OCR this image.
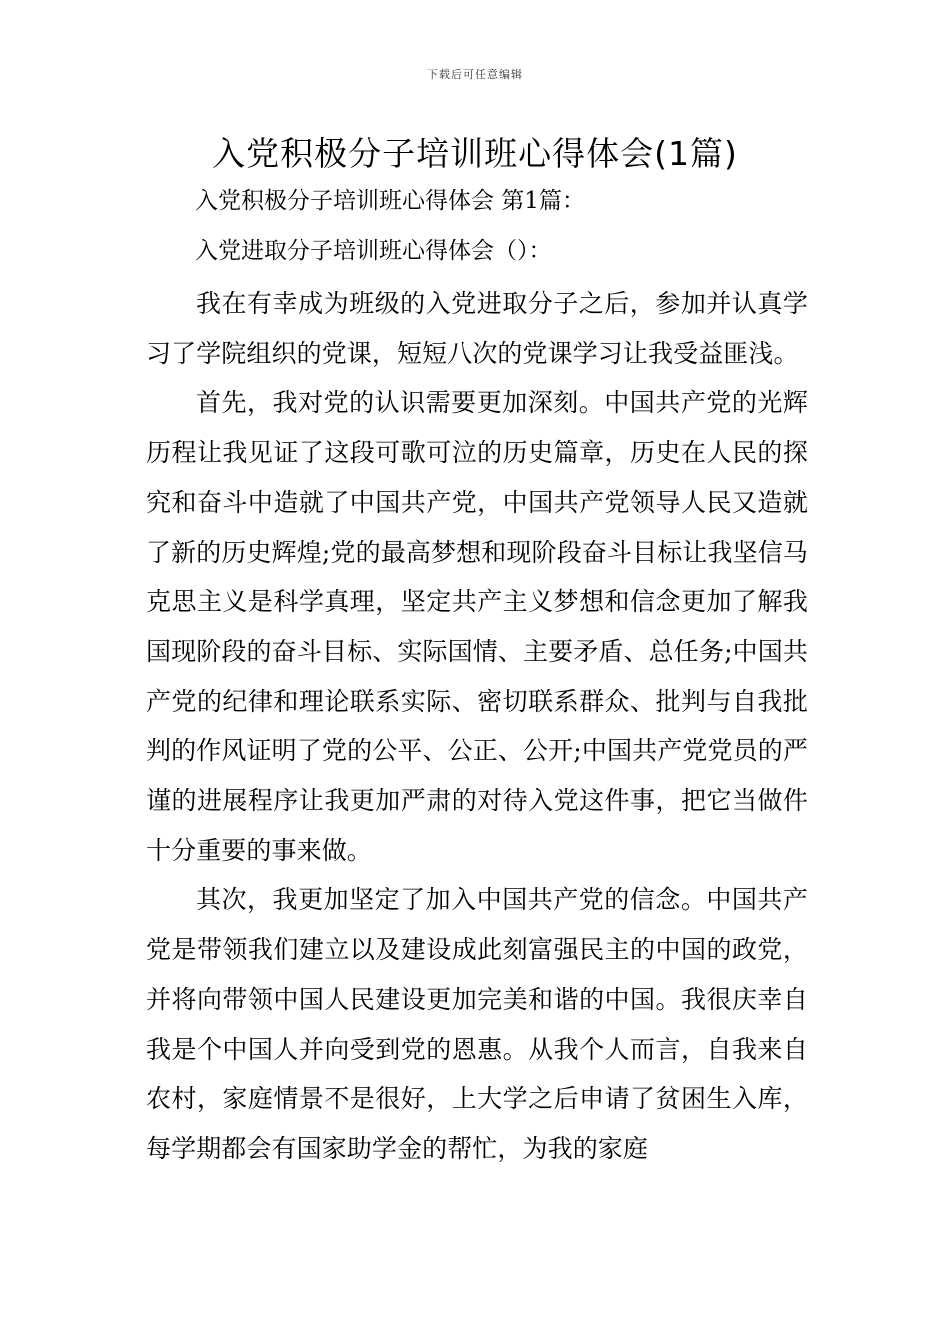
下载后可任意编辑
入党积极分子培训班心得体会(1篇)
入党积极分子培训班心得体会 第1篇：
入党进取分子培训班心得体会（）：

我在有幸成为班级的入党进取分子之后，参加并认真学习了学院组织的党课，短短八次的党课学习让我受益匪浅。

首先，我对党的认识需要更加深刻。中国共产党的光辉历程让我见证了这段可歌可泣的历史篇章，历史在人民的探究和奋斗中造就了中国共产党，中国共产党领导人民又造就了新的历史辉煌;党的最高梦想和现阶段奋斗目标让我坚信马克思主义是科学真理，坚定共产主义梦想和信念更加了解我国现阶段的奋斗目标、实际国情、主要矛盾、总任务;中国共产党的纪律和理论联系实际、密切联系群众、批判与自我批判的作风证明了党的公平、公正、公开;中国共产党党员的严谨的进展程序让我更加严肃的对待入党这件事，把它当做件十分重要的事来做。

其次，我更加坚定了加入中国共产党的信念。中国共产党是带领我们建立以及建设成此刻富强民主的中国的政党，并将向带领中国人民建设更加完美和谐的中国。我很庆幸自我是个中国人并向受到党的恩惠。从我个人而言，自我来自农村，家庭情景不是很好，上大学之后申请了贫困生入库，每学期都会有国家助学金的帮忙，为我的家庭
